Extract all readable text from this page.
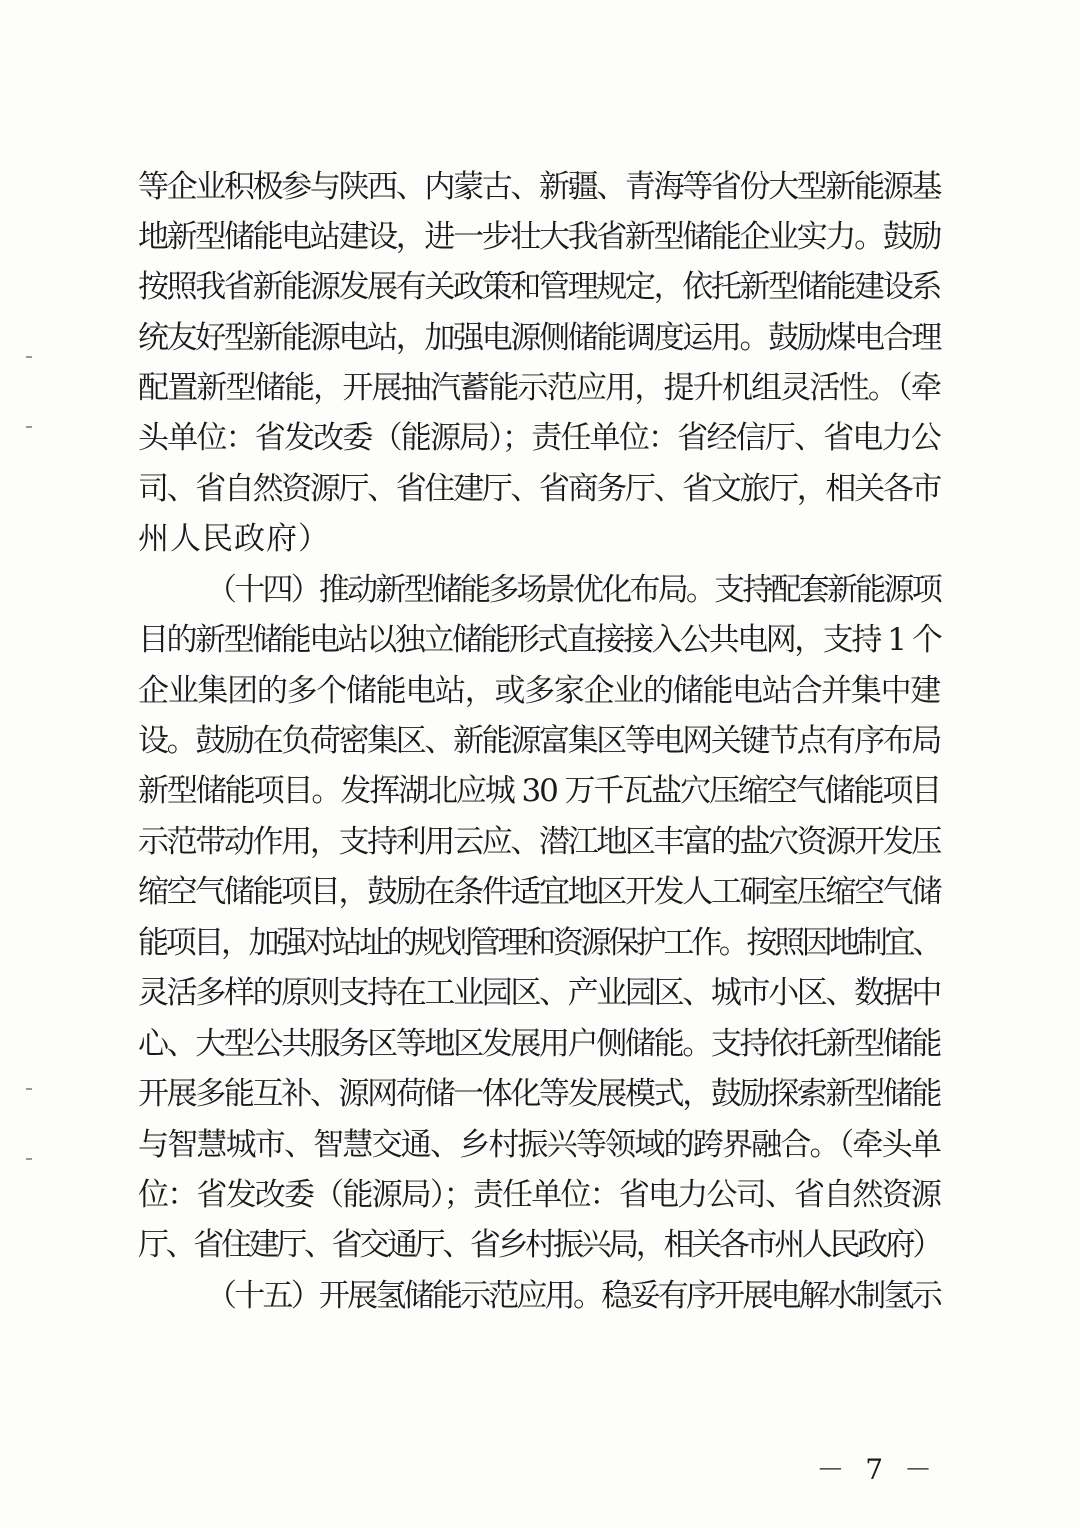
等企业积极参与陕西、内蒙古、新疆、青海等省份大型新能源基
地新型储能电站建设，进一步壮大我省新型储能企业实力。鼓励
按照我省新能源发展有关政策和管理规定，依托新型储能建设系
统友好型新能源电站，加强电源侧储能调度运用。鼓励煤电合理
配置新型储能，开展抽汽蓄能示范应用，提升机组灵活性。（牵
头单位：省发改委（能源局）；责任单位：省经信厅、省电力公
司、省自然资源厅、省住建厅、省商务厅、省文旅厅，相关各市
州人民政府）
（十四）推动新型储能多场景优化布局。支持配套新能源项
目的新型储能电站以独立储能形式直接接入公共电网，支持 1 个
企业集团的多个储能电站，或多家企业的储能电站合并集中建
设。鼓励在负荷密集区、新能源富集区等电网关键节点有序布局
新型储能项目。发挥湖北应城 30 万千瓦盐穴压缩空气储能项目
示范带动作用，支持利用云应、潜江地区丰富的盐穴资源开发压
缩空气储能项目，鼓励在条件适宜地区开发人工硐室压缩空气储
能项目，加强对站址的规划管理和资源保护工作。按照因地制宜、
灵活多样的原则支持在工业园区、产业园区、城市小区、数据中
心、大型公共服务区等地区发展用户侧储能。支持依托新型储能
开展多能互补、源网荷储一体化等发展模式，鼓励探索新型储能
与智慧城市、智慧交通、乡村振兴等领域的跨界融合。（牵头单
位：省发改委（能源局）；责任单位：省电力公司、省自然资源
厅、省住建厅、省交通厅、省乡村振兴局，相关各市州人民政府）
（十五）开展氢储能示范应用。稳妥有序开展电解水制氢示
－ 7 －
